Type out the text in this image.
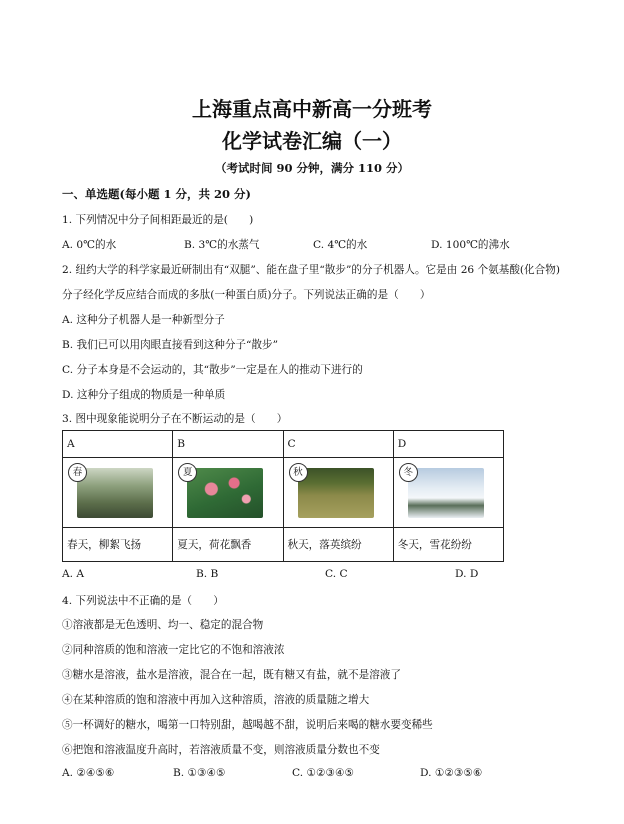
上海重点高中新高一分班考
化学试卷汇编（一）
（考试时间 90 分钟，满分 110 分）
一、单选题(每小题 1 分，共 20 分)
1. 下列情况中分子间相距最近的是(　　)
A. 0℃的水	B. 3℃的水蒸气	C. 4℃的水	D. 100℃的沸水
2. 纽约大学的科学家最近研制出有“双腿”、能在盘子里“散步”的分子机器人。它是由 26 个氨基酸(化合物)
分子经化学反应结合而成的多肽(一种蛋白质)分子。下列说法正确的是（　　）
A. 这种分子机器人是一种新型分子
B. 我们已可以用肉眼直接看到这种分子“散步”
C. 分子本身是不会运动的，其“散步”一定是在人的推动下进行的
D. 这种分子组成的物质是一种单质
3. 图中现象能说明分子在不断运动的是（　　）
A	B	C	D

春	夏	秋	冬

春天，柳絮飞扬	夏天，荷花飘香	秋天，落英缤纷	冬天，雪花纷纷
A. A	B. B	C. C	D. D
4. 下列说法中不正确的是（　　）
①溶液都是无色透明、均一、稳定的混合物
②同种溶质的饱和溶液一定比它的不饱和溶液浓
③糖水是溶液，盐水是溶液，混合在一起，既有糖又有盐，就不是溶液了
④在某种溶质的饱和溶液中再加入这种溶质，溶液的质量随之增大
⑤一杯调好的糖水，喝第一口特别甜，越喝越不甜，说明后来喝的糖水要变稀些
⑥把饱和溶液温度升高时，若溶液质量不变，则溶液质量分数也不变
A. ②④⑤⑥	B. ①③④⑤	C. ①②③④⑤	D. ①②③⑤⑥
